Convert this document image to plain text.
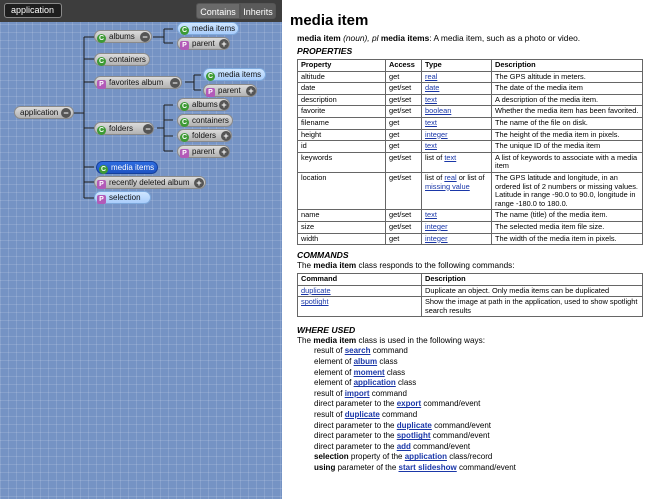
application	Contains Inherits
application −
C albums −
C media items
P parent +
C containers
P favorites album	−
C media items
P parent +
C folders	−
C albums +
C containers
C folders +
P parent +
C media items
P recently deleted album +
P selection
media item
media item (noun), pl media items: A media item, such as a photo or video.
PROPERTIES
Property	Access	Type	Description
altitude	get	real	The GPS altitude in meters.
date	get/set	date	The date of the media item
description	get/set	text	A description of the media item.
favorite	get/set	boolean	Whether the media item has been favorited.
filename	get	text	The name of the file on disk.
height	get	integer	The height of the media item in pixels.
id	get	text	The unique ID of the media item
keywords	get/set	list of text	A list of keywords to associate with a media item
location	get/set	list of real or list of missing value	The GPS latitude and longitude, in an ordered list of 2 numbers or missing values. Latitude in range -90.0 to 90.0, longitude in range -180.0 to 180.0.
name	get/set	text	The name (title) of the media item.
size	get/set	integer	The selected media item file size.
width	get	integer	The width of the media item in pixels.
COMMANDS
The media item class responds to the following commands:
Command	Description
duplicate	Duplicate an object. Only media items can be duplicated
spotlight	Show the image at path in the application, used to show spotlight search results
WHERE USED
The media item class is used in the following ways:
result of search command
element of album class
element of moment class
element of application class
result of import command
direct parameter to the export command/event
result of duplicate command
direct parameter to the duplicate command/event
direct parameter to the spotlight command/event
direct parameter to the add command/event
selection property of the application class/record
using parameter of the start slideshow command/event
